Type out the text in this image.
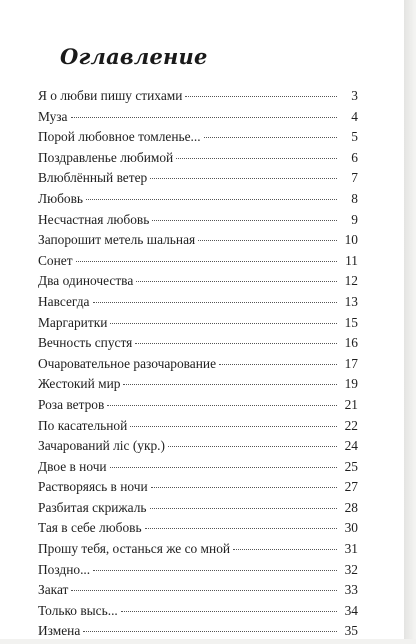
Оглавление
Я о любви пишу стихами	3
Муза	4
Порой любовное томленье...	5
Поздравленье любимой	6
Влюблённый ветер	7
Любовь	8
Несчастная любовь	9
Запорошит метель шальная	10
Сонет	11
Два одиночества	12
Навсегда	13
Маргаритки	15
Вечность спустя	16
Очаровательное разочарование	17
Жестокий мир	19
Роза ветров	21
По касательной	22
Зачарований ліс (укр.)	24
Двое в ночи	25
Растворяясь в ночи	27
Разбитая скрижаль	28
Тая в себе любовь	30
Прошу тебя, останься же со мной	31
Поздно...	32
Закат	33
Только высь...	34
Измена	35
